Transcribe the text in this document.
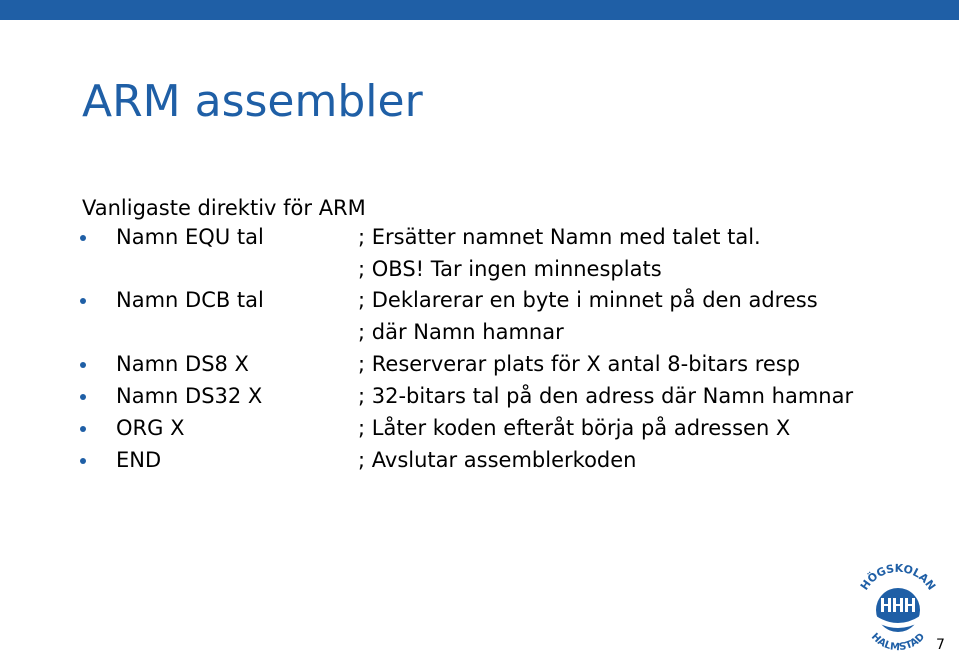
ARM assembler
Vanligaste direktiv för ARM
Namn EQU tal	; Ersätter namnet Namn med talet tal.
; OBS! Tar ingen minnesplats
Namn DCB tal	; Deklarerar en byte i minnet på den adress
; där Namn hamnar
Namn DS8 X	; Reserverar plats för X antal 8-bitars resp
Namn DS32 X	; 32-bitars tal på den adress där Namn hamnar
ORG X	; Låter koden efteråt börja på adressen X
END	; Avslutar assemblerkoden
HÖGSKOLAN
HALMSTAD 7
